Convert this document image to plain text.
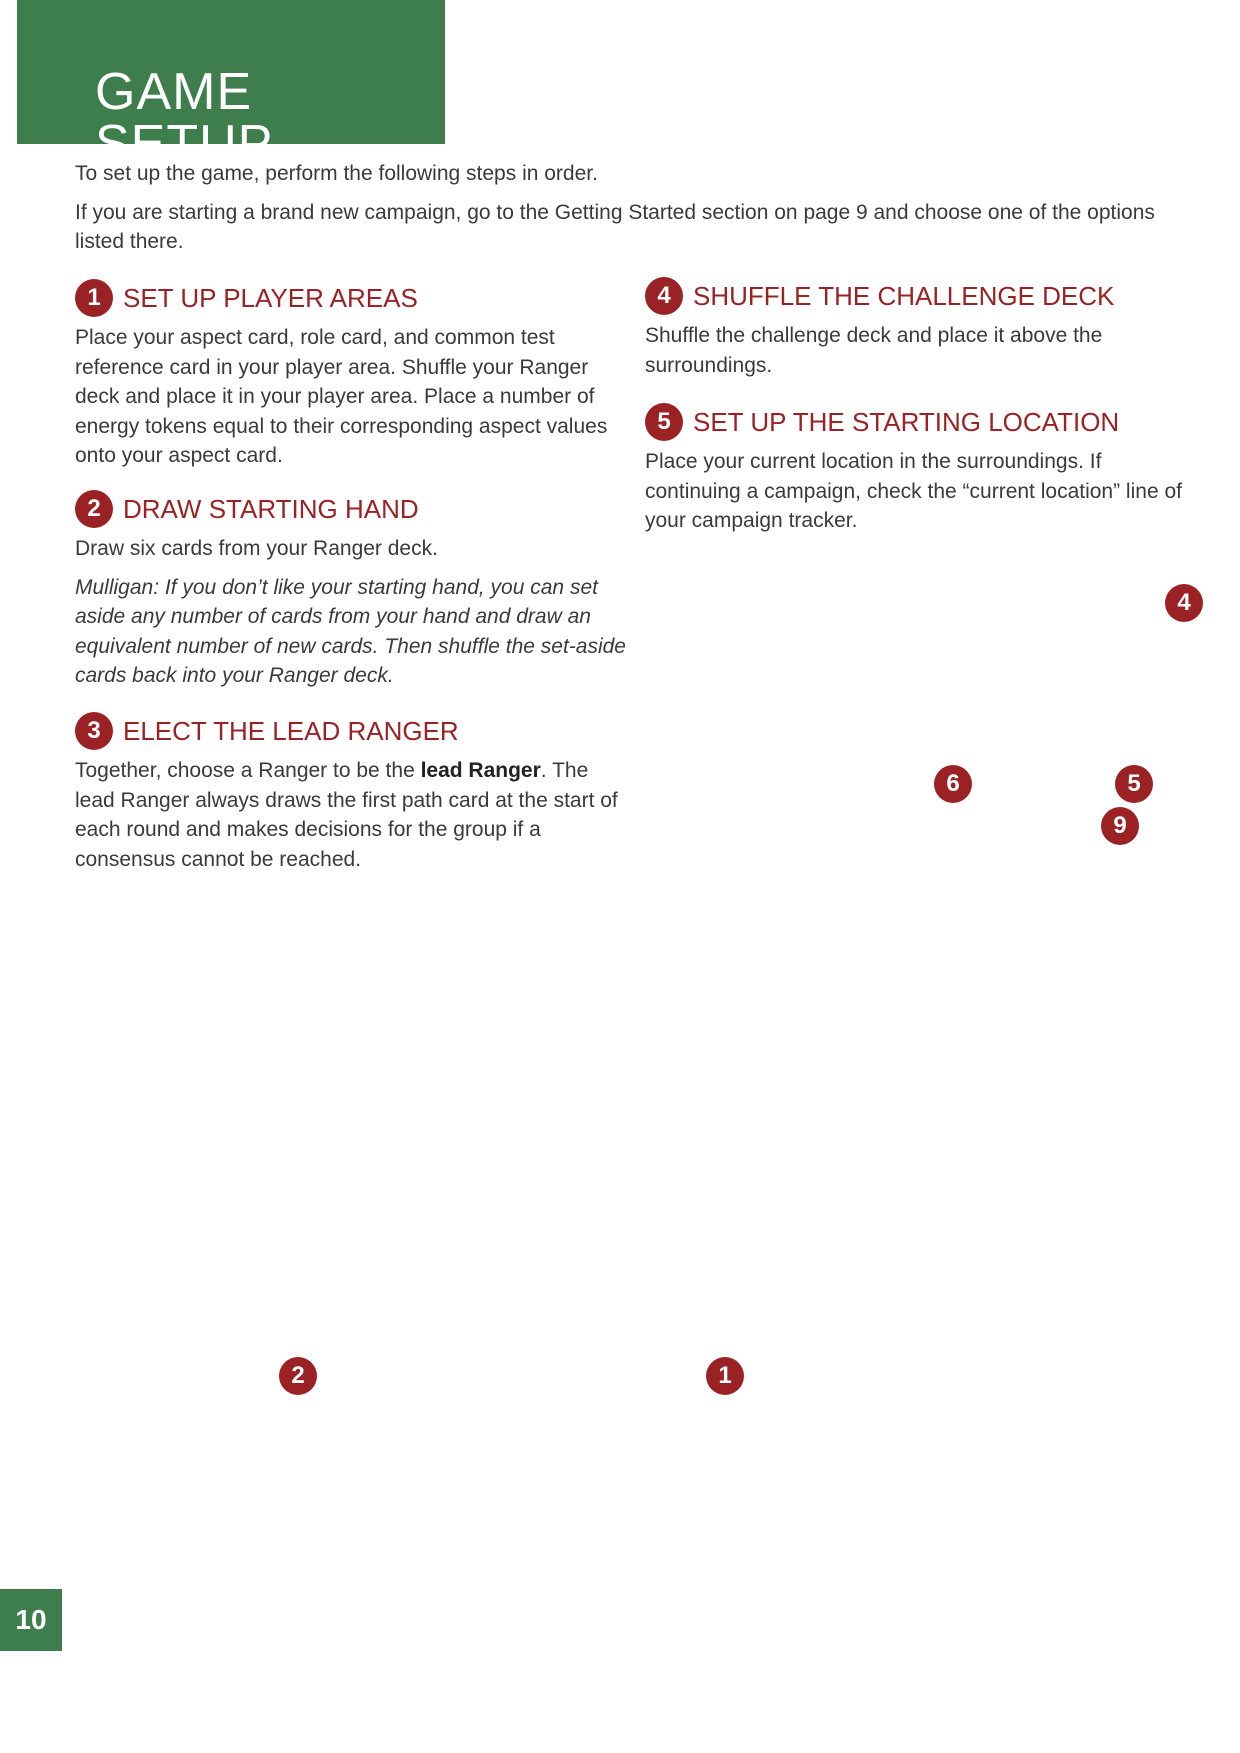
GAME SETUP

To set up the game, perform the following steps in order.

If you are starting a brand new campaign, go to the Getting Started section on page 9 and choose one of the options listed there.

1 SET UP PLAYER AREAS

Place your aspect card, role card, and common test reference card in your player area. Shuffle your Ranger deck and place it in your player area. Place a number of energy tokens equal to their corresponding aspect values onto your aspect card.

2 DRAW STARTING HAND

Draw six cards from your Ranger deck.

Mulligan: If you don’t like your starting hand, you can set aside any number of cards from your hand and draw an equivalent number of new cards. Then shuffle the set-aside cards back into your Ranger deck.

3 ELECT THE LEAD RANGER

Together, choose a Ranger to be the lead Ranger. The lead Ranger always draws the first path card at the start of each round and makes decisions for the group if a consensus cannot be reached.

4 SHUFFLE THE CHALLENGE DECK

Shuffle the challenge deck and place it above the surroundings.

5 SET UP THE STARTING LOCATION

Place your current location in the surroundings. If continuing a campaign, check the “current location” line of your campaign tracker.

4
6	5
9
2	1
10
